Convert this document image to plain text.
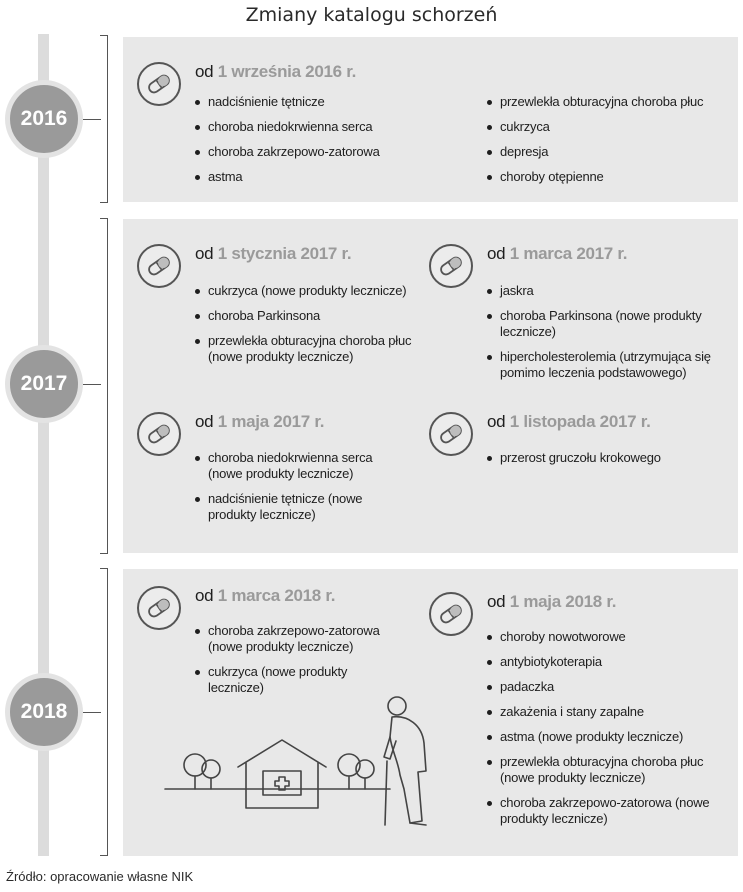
Zmiany katalogu schorzeń
2016
od 1 września 2016 r.
nadciśnienie tętnicze
choroba niedokrwienna serca
choroba zakrzepowo-zatorowa
astma
przewlekła obturacyjna choroba płuc
cukrzyca
depresja
choroby otępienne
2017
od 1 stycznia 2017 r.
cukrzyca (nowe produkty lecznicze)
choroba Parkinsona
przewlekła obturacyjna choroba płuc (nowe produkty lecznicze)
od 1 marca 2017 r.
jaskra
choroba Parkinsona (nowe produkty lecznicze)
hipercholesterolemia (utrzymująca się pomimo leczenia podstawowego)
od 1 maja 2017 r.
choroba niedokrwienna serca (nowe produkty lecznicze)
nadciśnienie tętnicze (nowe produkty lecznicze)
od 1 listopada 2017 r.
przerost gruczołu krokowego
2018
od 1 marca 2018 r.
choroba zakrzepowo-zatorowa (nowe produkty lecznicze)
cukrzyca (nowe produkty lecznicze)
od 1 maja 2018 r.
choroby nowotworowe
antybiotykoterapia
padaczka
zakażenia i stany zapalne
astma (nowe produkty lecznicze)
przewlekła obturacyjna choroba płuc (nowe produkty lecznicze)
choroba zakrzepowo-zatorowa (nowe produkty lecznicze)
Źródło: opracowanie własne NIK
